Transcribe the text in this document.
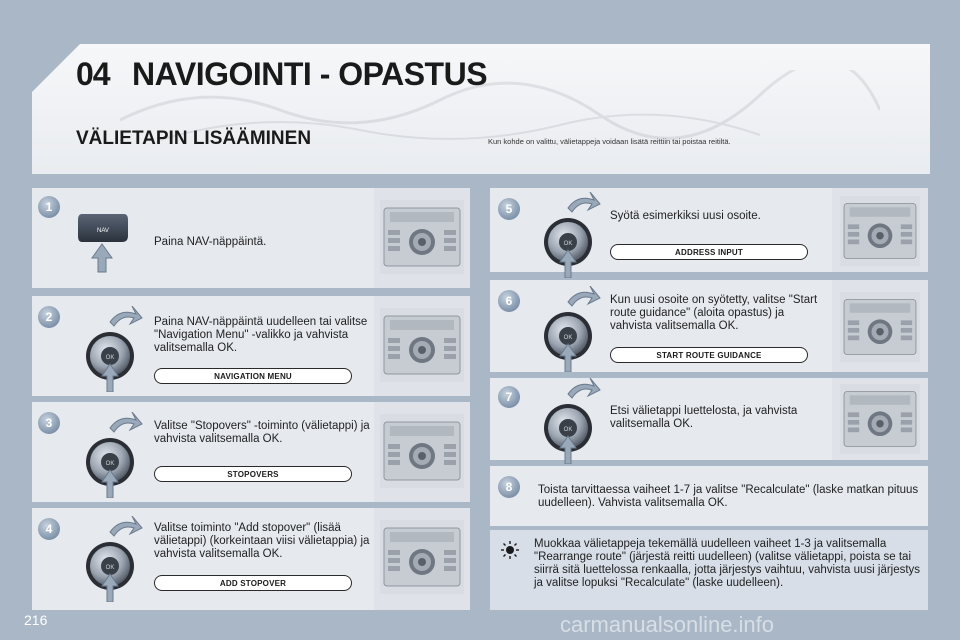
04 NAVIGOINTI - OPASTUS
VÄLIETAPIN LISÄÄMINEN	Kun kohde on valittu, välietappeja voidaan lisätä reittiin tai poistaa reitiltä.
1
NAV
Paina NAV-näppäintä.
2	Paina NAV-näppäintä uudelleen tai valitse "Navigation Menu" -valikko ja vahvista valitsemalla OK.
NAVIGATION MENU
3	Valitse "Stopovers" -toiminto (välietappi) ja vahvista valitsemalla OK.
STOPOVERS
4	Valitse toiminto "Add stopover" (lisää välietappi) (korkeintaan viisi välietappia) ja vahvista valitsemalla OK.
ADD STOPOVER
5	Syötä esimerkiksi uusi osoite.
ADDRESS INPUT
6	Kun uusi osoite on syötetty, valitse "Start route guidance" (aloita opastus) ja vahvista valitsemalla OK.
START ROUTE GUIDANCE
7
Etsi välietappi luettelosta, ja vahvista valitsemalla OK.
8	Toista tarvittaessa vaiheet 1-7 ja valitse "Recalculate" (laske matkan pituus uudelleen). Vahvista valitsemalla OK.
Muokkaa välietappeja tekemällä uudelleen vaiheet 1-3 ja valitsemalla "Rearrange route" (järjestä reitti uudelleen) (valitse välietappi, poista se tai siirrä sitä luettelossa renkaalla, jotta järjestys vaihtuu, vahvista uusi järjestys ja valitse lopuksi "Recalculate" (laske uudelleen).
216	carmanualsonline.info
